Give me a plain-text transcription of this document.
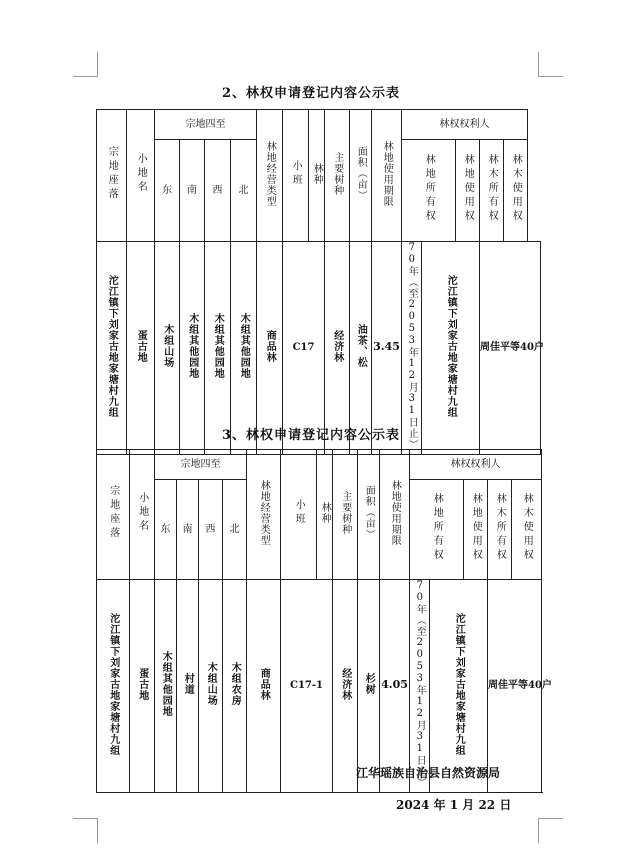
2、林权申请登记内容公示表
宗地座落	小地名	宗地四至				林地经营类型	小班	林种	主要树种	面积（亩）	林地使用期限	林权权利人				
		东	南	西	北							林地所有权		林地使用权	林木所有权	林木使用权
沱江镇下刘家古地家塘村九组	蛋古地	木组山场	木组其他园地	木组其他园地	木组其他园地	商品林	C17		经济林	油茶、松	3.45	70年（至2053年12月31日止）	沱江镇下刘家古地家塘村九组		周佳平等40户	
3、林权申请登记内容公示表
宗地座落	小地名	宗地四至				林地经营类型	小班	林种	主要树种	面积（亩）	林地使用期限	林权权利人				
		东	南	西	北							林地所有权		林地使用权	林木所有权	林木使用权
沱江镇下刘家古地家塘村九组	蛋古地	木组其他园地	村道	木组山场	木组农房	商品林	C17-1		经济林	杉树	4.05	70年（至2053年12月31日止）	沱江镇下刘家古地家塘村九组		周佳平等40户	
江华瑶族自治县自然资源局
2024 年 1 月 22 日
